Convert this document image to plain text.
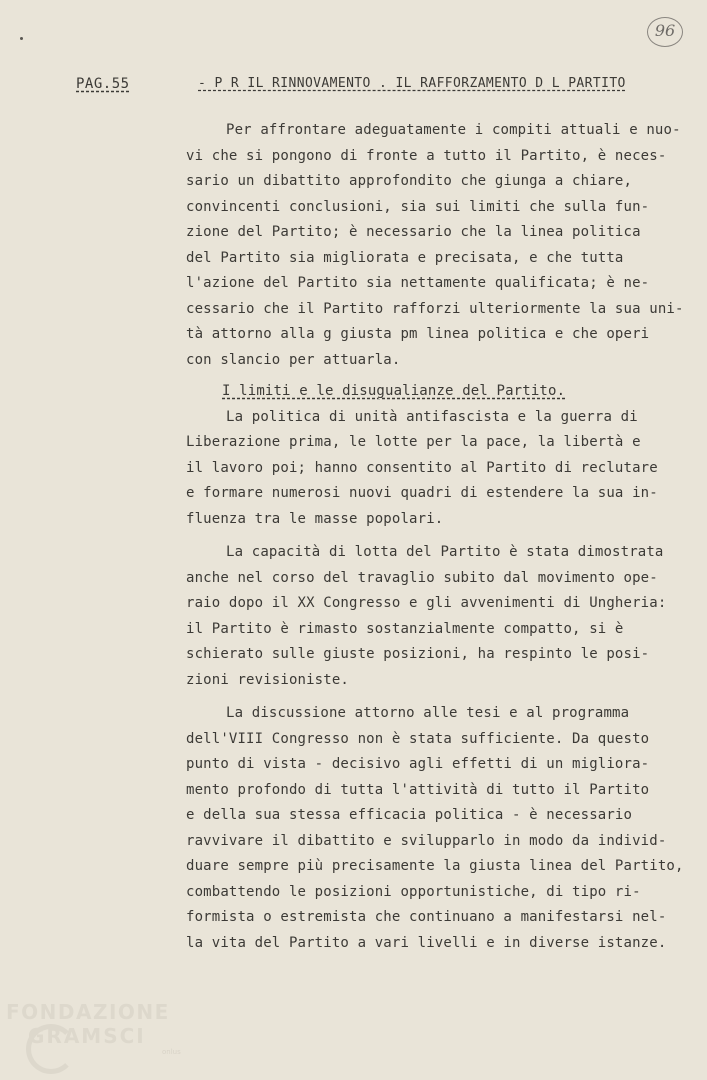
96
PAG.55	- P R IL RINNOVAMENTO . IL RAFFORZAMENTO D L PARTITO
Per affrontare adeguatamente i compiti attuali e nuo-
vi che si pongono di fronte a tutto il Partito, è neces-
sario un dibattito approfondito che giunga a chiare,
convincenti conclusioni, sia sui limiti che sulla fun-
zione del Partito; è necessario che la linea politica
del Partito sia migliorata e precisata, e che tutta
l'azione del Partito sia nettamente qualificata; è ne-
cessario che il Partito rafforzi ulteriormente la sua uni-
tà attorno alla g giusta pm linea politica e che operi
con slancio per attuarla.
I limiti e le disugualianze del Partito.
La politica di unità antifascista e la guerra di
Liberazione prima, le lotte per la pace, la libertà e
il lavoro poi; hanno consentito al Partito di reclutare
e formare numerosi nuovi quadri di estendere la sua in-
fluenza tra le masse popolari.
La capacità di lotta del Partito è stata dimostrata
anche nel corso del travaglio subito dal movimento ope-
raio dopo il XX Congresso e gli avvenimenti di Ungheria:
il Partito è rimasto sostanzialmente compatto, si è
schierato sulle giuste posizioni, ha respinto le posi-
zioni revisioniste.
La discussione attorno alle tesi e al programma
dell'VIII Congresso non è stata sufficiente. Da questo
punto di vista - decisivo agli effetti di un migliora-
mento profondo di tutta l'attività di tutto il Partito
e della sua stessa efficacia politica - è necessario
ravvivare il dibattito e svilupparlo in modo da individ-
duare sempre più precisamente la giusta linea del Partito,
combattendo le posizioni opportunistiche, di tipo ri-
formista o estremista che continuano a manifestarsi nel-
la vita del Partito a vari livelli e in diverse istanze.
FONDAZIONE
GRAMSCI
onlus
